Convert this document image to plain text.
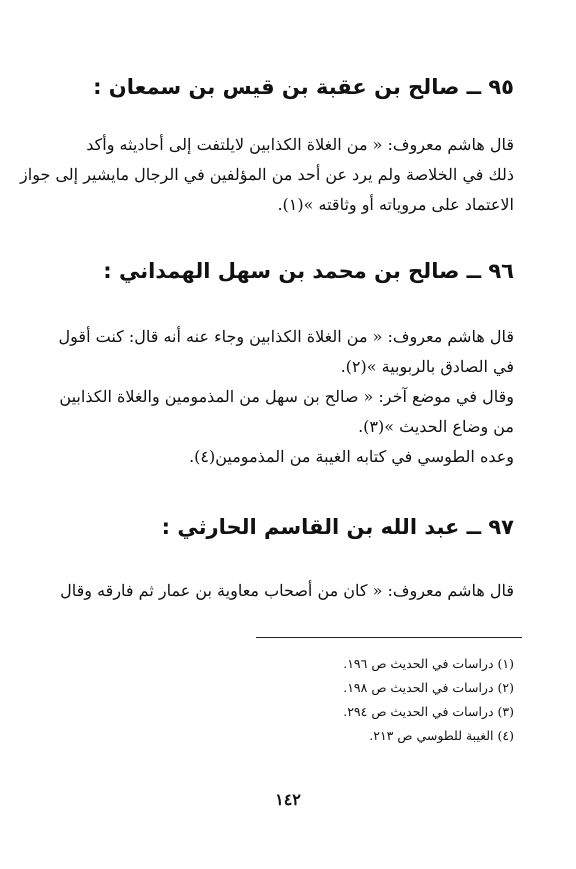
٩٥ ــ صالح بن عقبة بن قيس بن سمعان :
قال هاشم معروف: « من الغلاة الكذابين لايلتفت إلى أحاديثه وأكد
ذلك في الخلاصة ولم يرد عن أحد من المؤلفين في الرجال مايشير إلى جواز
الاعتماد على مروياته أو وثاقته »(١).
٩٦ ــ صالح بن محمد بن سهل الهمداني :
قال هاشم معروف: « من الغلاة الكذابين وجاء عنه أنه قال: كنت أقول
في الصادق بالربوبية »(٢).
وقال في موضع آخر: « صالح بن سهل من المذمومين والغلاة الكذابين
من وضاع الحديث »(٣).
وعده الطوسي في كتابه الغيبة من المذمومين(٤).
٩٧ ــ عبد الله بن القاسم الحارثي :
قال هاشم معروف: « كان من أصحاب معاوية بن عمار ثم فارقه وقال
(١) دراسات في الحديث ص ١٩٦.
(٢) دراسات في الحديث ص ١٩٨.
(٣) دراسات في الحديث ص ٢٩٤.
(٤) الغيبة للطوسي ص ٢١٣.
١٤٢
